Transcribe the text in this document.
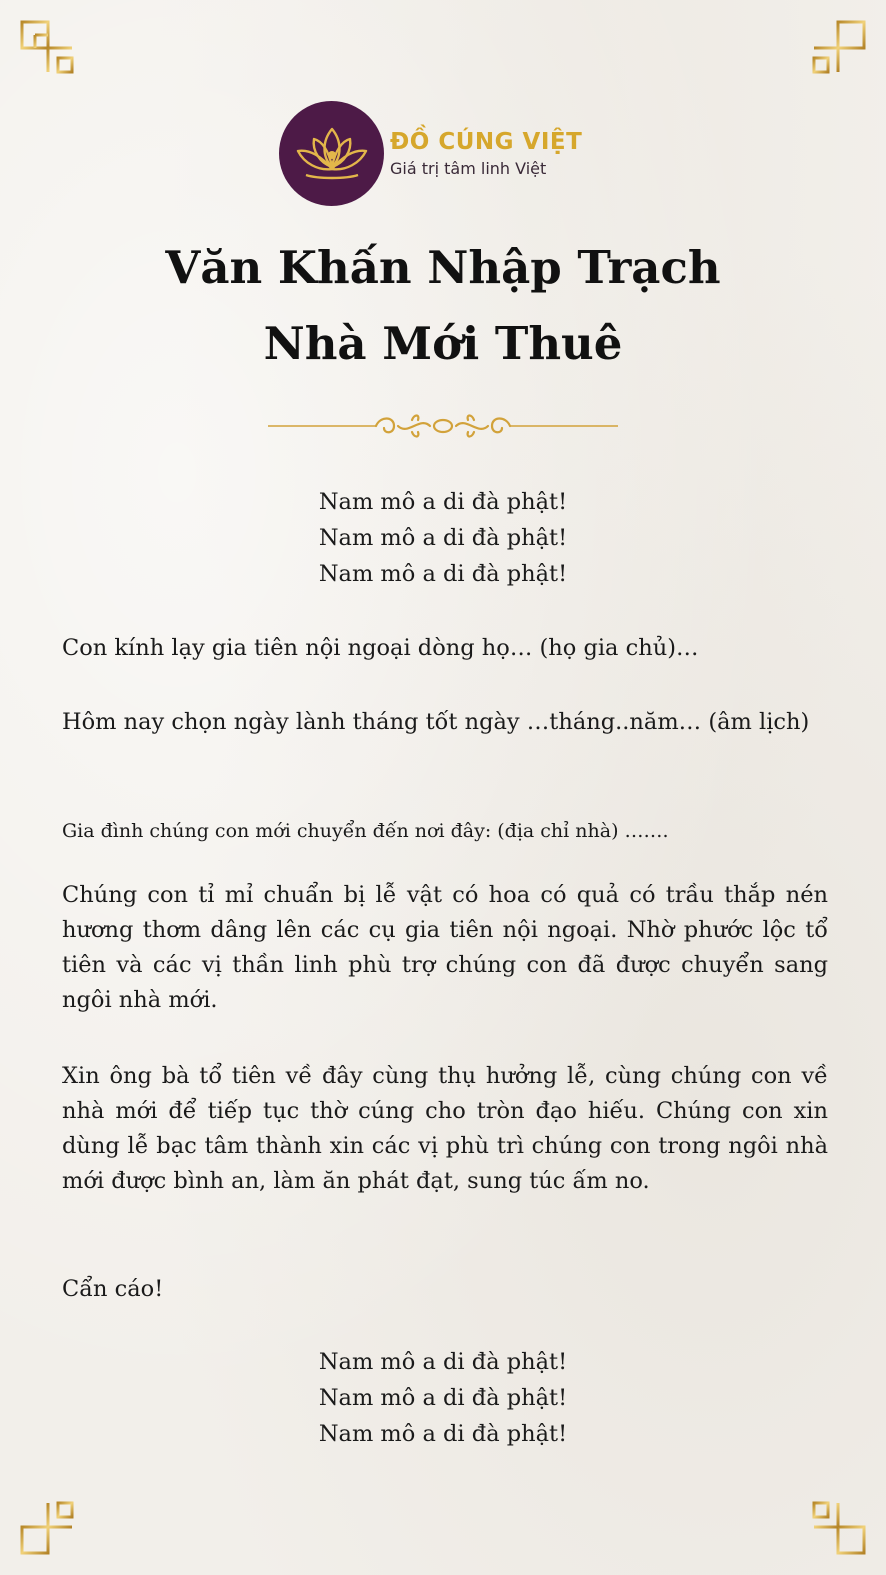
ĐỒ CÚNG VIỆT
Giá trị tâm linh Việt
Văn Khấn Nhập Trạch
Nhà Mới Thuê
Nam mô a di đà phật!
Nam mô a di đà phật!
Nam mô a di đà phật!

Con kính lạy gia tiên nội ngoại dòng họ… (họ gia chủ)…

Hôm nay chọn ngày lành tháng tốt ngày …tháng..năm… (âm lịch)

Gia đình chúng con mới chuyển đến nơi đây: (địa chỉ nhà) …….

Chúng con tỉ mỉ chuẩn bị lễ vật có hoa có quả có trầu thắp nén hương thơm dâng lên các cụ gia tiên nội ngoại. Nhờ phước lộc tổ tiên và các vị thần linh phù trợ chúng con đã được chuyển sang ngôi nhà mới.

Xin ông bà tổ tiên về đây cùng thụ hưởng lễ, cùng chúng con về nhà mới để tiếp tục thờ cúng cho tròn đạo hiếu. Chúng con xin dùng lễ bạc tâm thành xin các vị phù trì chúng con trong ngôi nhà mới được bình an, làm ăn phát đạt, sung túc ấm no.

Cẩn cáo!

Nam mô a di đà phật!
Nam mô a di đà phật!
Nam mô a di đà phật!
